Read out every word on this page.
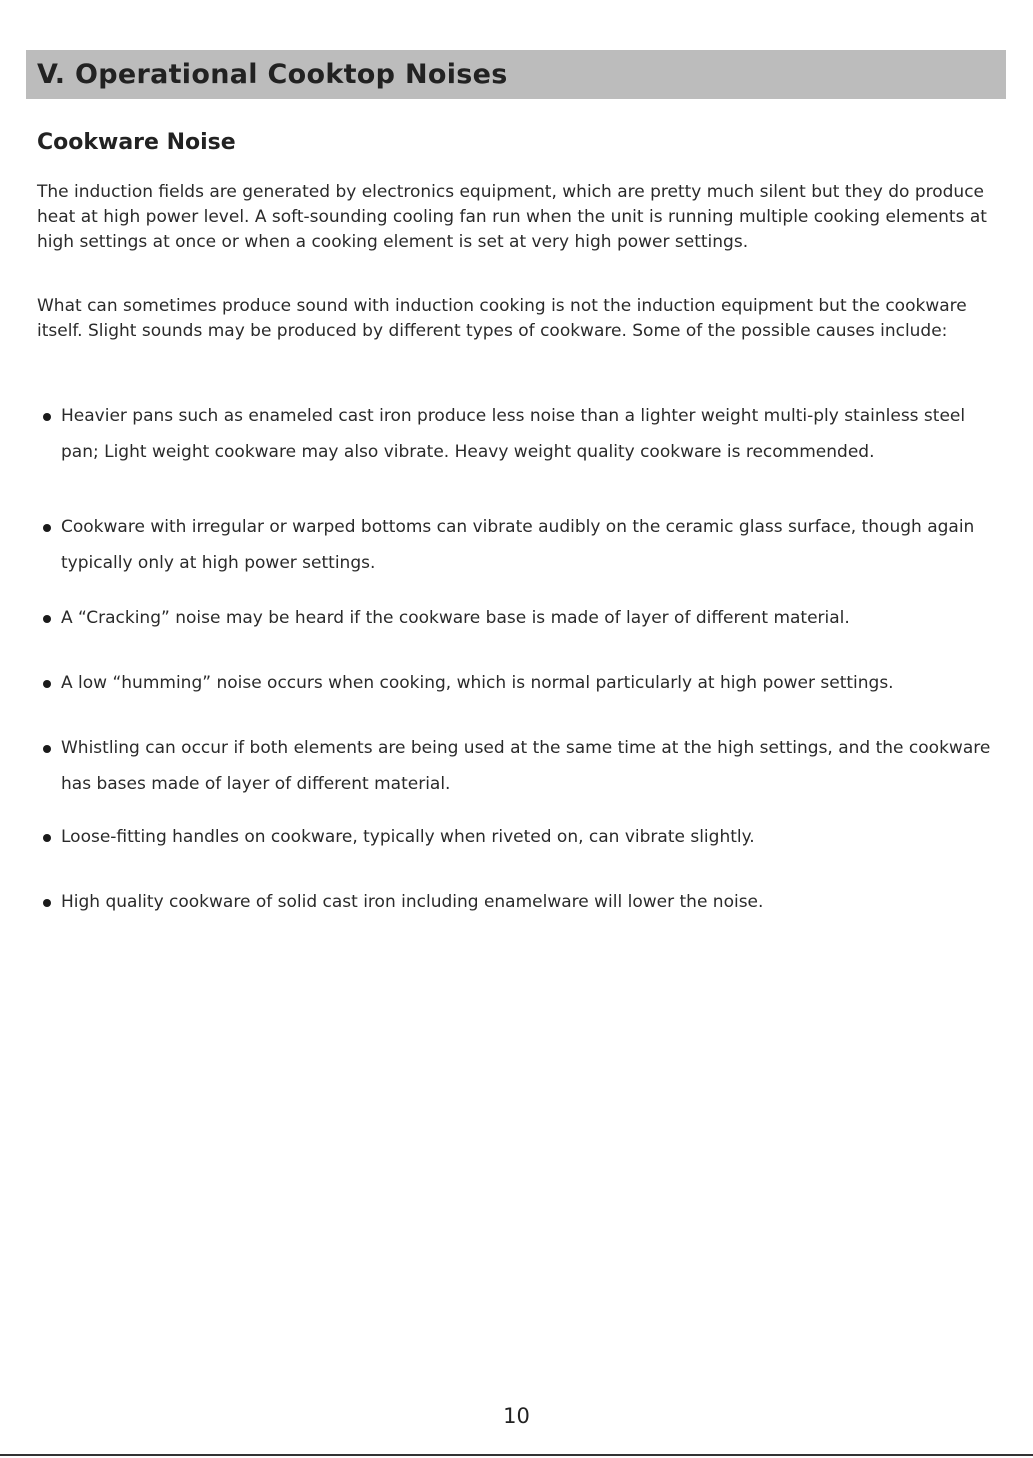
V. Operational Cooktop Noises
Cookware Noise

The induction fields are generated by electronics equipment, which are pretty much silent but they do produce heat at high power level. A soft-sounding cooling fan run when the unit is running multiple cooking elements at high settings at once or when a cooking element is set at very high power settings.

What can sometimes produce sound with induction cooking is not the induction equipment but the cookware itself. Slight sounds may be produced by different types of cookware. Some of the possible causes include:

Heavier pans such as enameled cast iron produce less noise than a lighter weight multi-ply stainless steel pan; Light weight cookware may also vibrate. Heavy weight quality cookware is recommended.
Cookware with irregular or warped bottoms can vibrate audibly on the ceramic glass surface, though again typically only at high power settings.
A “Cracking” noise may be heard if the cookware base is made of layer of different material.
A low “humming” noise occurs when cooking, which is normal particularly at high power settings.
Whistling can occur if both elements are being used at the same time at the high settings, and the cookware has bases made of layer of different material.
Loose-fitting handles on cookware, typically when riveted on, can vibrate slightly.
High quality cookware of solid cast iron including enamelware will lower the noise.
10
